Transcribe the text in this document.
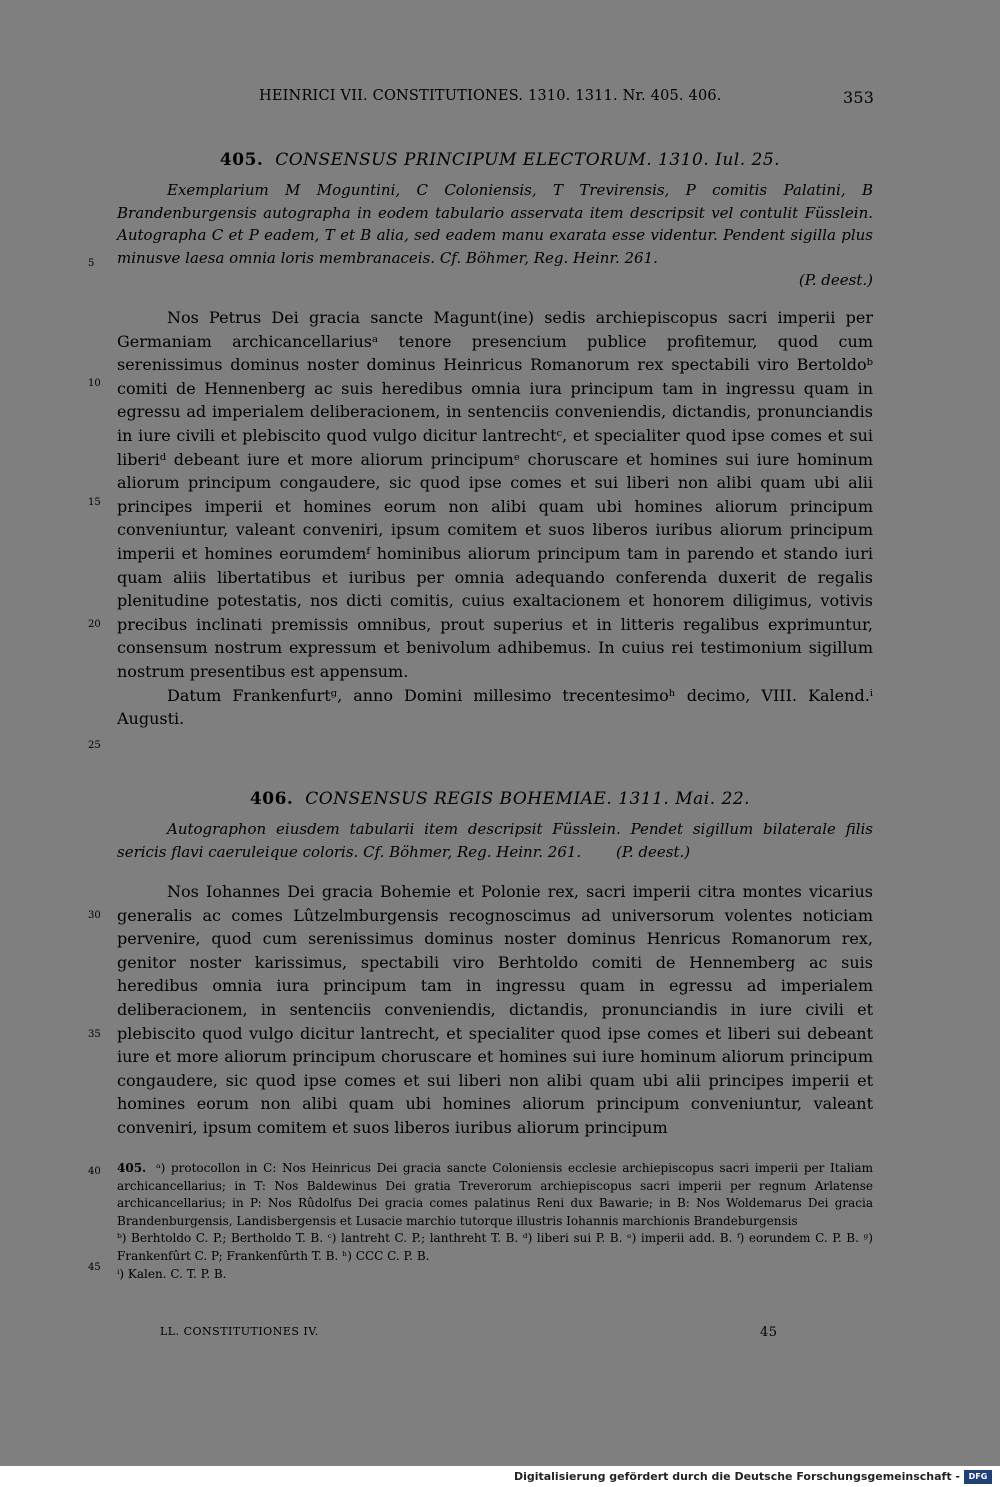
HEINRICI VII. CONSTITUTIONES. 1310. 1311. Nr. 405. 406.	353
405. CONSENSUS PRINCIPUM ELECTORUM. 1310. Iul. 25.
Exemplarium M Moguntini, C Coloniensis, T Trevirensis, P comitis Palatini, B Brandenburgensis autographa in eodem tabulario asservata item descripsit vel contulit Füsslein. Autographa C et P eadem, T et B alia, sed eadem manu exarata esse videntur. Pendent sigilla plus minusve laesa omnia loris membranaceis. Cf. Böhmer, Reg. Heinr. 261.
(P. deest.)

Nos Petrus Dei gracia sancte Magunt(ine) sedis archiepiscopus sacri imperii per Germaniam archicancellariusᵃ tenore presencium publice profitemur, quod cum serenissimus dominus noster dominus Heinricus Romanorum rex spectabili viro Bertoldoᵇ comiti de Hennenberg ac suis heredibus omnia iura principum tam in ingressu quam in egressu ad imperialem deliberacionem, in sentenciis conveniendis, dictandis, pronunciandis in iure civili et plebiscito quod vulgo dicitur lantrechtᶜ, et specialiter quod ipse comes et sui liberiᵈ debeant iure et more aliorum principumᵉ choruscare et homines sui iure hominum aliorum principum congaudere, sic quod ipse comes et sui liberi non alibi quam ubi alii principes imperii et homines eorum non alibi quam ubi homines aliorum principum conveniuntur, valeant conveniri, ipsum comitem et suos liberos iuribus aliorum principum imperii et homines eorumdemᶠ hominibus aliorum principum tam in parendo et stando iuri quam aliis libertatibus et iuribus per omnia adequando conferenda duxerit de regalis plenitudine potestatis, nos dicti comitis, cuius exaltacionem et honorem diligimus, votivis precibus inclinati premissis omnibus, prout superius et in litteris regalibus exprimuntur, consensum nostrum expressum et benivolum adhibemus. In cuius rei testimonium sigillum nostrum presentibus est appensum.

Datum Frankenfurtᵍ, anno Domini millesimo trecentesimoʰ decimo, VIII. Kalend.ⁱ Augusti.

406. CONSENSUS REGIS BOHEMIAE. 1311. Mai. 22.
Autographon eiusdem tabularii item descripsit Füsslein. Pendet sigillum bilaterale filis sericis flavi caeruleique coloris. Cf. Böhmer, Reg. Heinr. 261. (P. deest.)

Nos Iohannes Dei gracia Bohemie et Polonie rex, sacri imperii citra montes vicarius generalis ac comes Lûtzelmburgensis recognoscimus ad universorum volentes noticiam pervenire, quod cum serenissimus dominus noster dominus Henricus Romanorum rex, genitor noster karissimus, spectabili viro Berhtoldo comiti de Hennemberg ac suis heredibus omnia iura principum tam in ingressu quam in egressu ad imperialem deliberacionem, in sentenciis conveniendis, dictandis, pronunciandis in iure civili et plebiscito quod vulgo dicitur lantrecht, et specialiter quod ipse comes et liberi sui debeant iure et more aliorum principum choruscare et homines sui iure hominum aliorum principum congaudere, sic quod ipse comes et sui liberi non alibi quam ubi alii principes imperii et homines eorum non alibi quam ubi homines aliorum principum conveniuntur, valeant conveniri, ipsum comitem et suos liberos iuribus aliorum principum

5
10
15
20
25
30
35
40
45
405. ᵃ) protocollon in C: Nos Heinricus Dei gracia sancte Coloniensis ecclesie archiepiscopus sacri imperii per Italiam archicancellarius; in T: Nos Baldewinus Dei gratia Treverorum archiepiscopus sacri imperii per regnum Arlatense archicancellarius; in P: Nos Rûdolfus Dei gracia comes palatinus Reni dux Bawarie; in B: Nos Woldemarus Dei gracia Brandenburgensis, Landisbergensis et Lusacie marchio tutorque illustris Iohannis marchionis Brandeburgensis
ᵇ) Berhtoldo C. P.; Bertholdo T. B. ᶜ) lantreht C. P.; lanthreht T. B. ᵈ) liberi sui P. B. ᵉ) imperii add. B. ᶠ) eorundem C. P. B. ᵍ) Frankenfûrt C. P; Frankenfûrth T. B. ʰ) CCC C. P. B.
ⁱ) Kalen. C. T. P. B.
LL. CONSTITUTIONES IV.	45
Digitalisierung gefördert durch die Deutsche Forschungsgemeinschaft -	DFG
